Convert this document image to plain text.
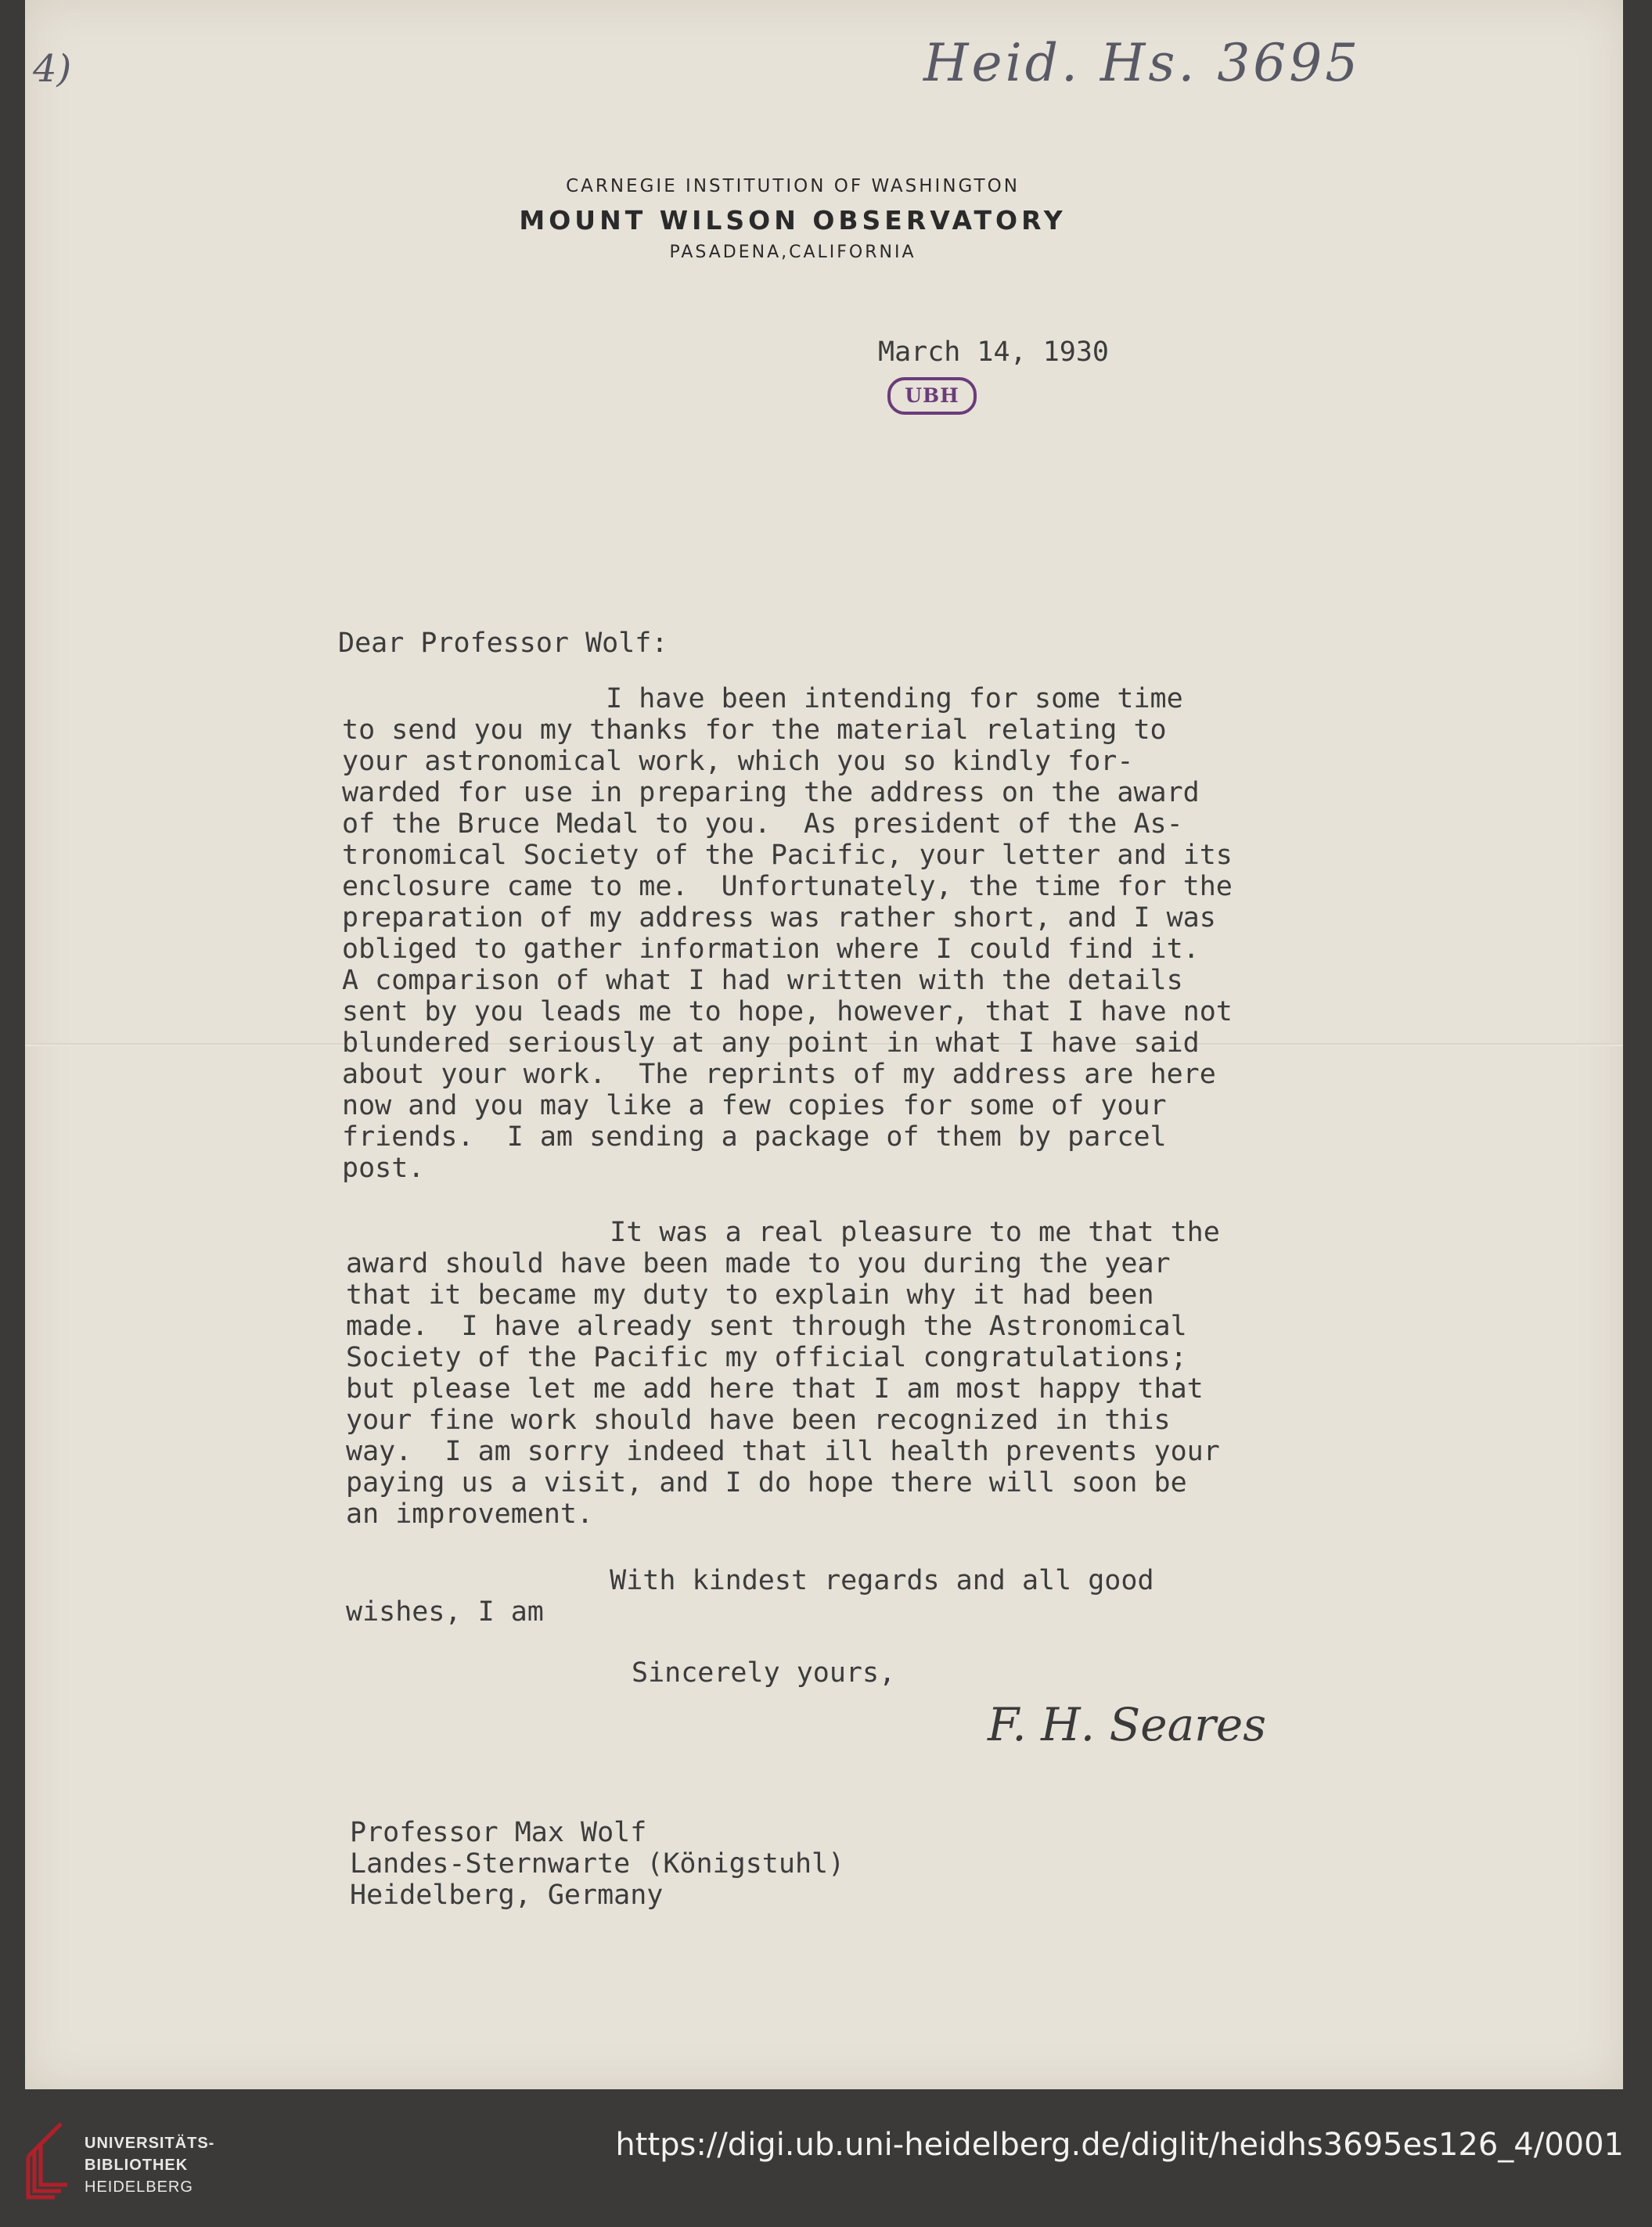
4)	Heid. Hs. 3695
CARNEGIE INSTITUTION OF WASHINGTON
MOUNT WILSON OBSERVATORY
PASADENA,CALIFORNIA
March 14, 1930
UBH
Dear Professor Wolf:
I have been intending for some time
to send you my thanks for the material relating to
your astronomical work, which you so kindly for-
warded for use in preparing the address on the award
of the Bruce Medal to you.  As president of the As-
tronomical Society of the Pacific, your letter and its
enclosure came to me.  Unfortunately, the time for the
preparation of my address was rather short, and I was
obliged to gather information where I could find it.
A comparison of what I had written with the details
sent by you leads me to hope, however, that I have not
blundered seriously at any point in what I have said
about your work.  The reprints of my address are here
now and you may like a few copies for some of your
friends.  I am sending a package of them by parcel
post.
It was a real pleasure to me that the
award should have been made to you during the year
that it became my duty to explain why it had been
made.  I have already sent through the Astronomical
Society of the Pacific my official congratulations;
but please let me add here that I am most happy that
your fine work should have been recognized in this
way.  I am sorry indeed that ill health prevents your
paying us a visit, and I do hope there will soon be
an improvement.
With kindest regards and all good
wishes, I am
Sincerely yours,
F. H. Seares
Professor Max Wolf
Landes-Sternwarte (Königstuhl)
Heidelberg, Germany
UNIVERSITÄTS-
BIBLIOTHEK
HEIDELBERG
https://digi.ub.uni-heidelberg.de/diglit/heidhs3695es126_4/0001
